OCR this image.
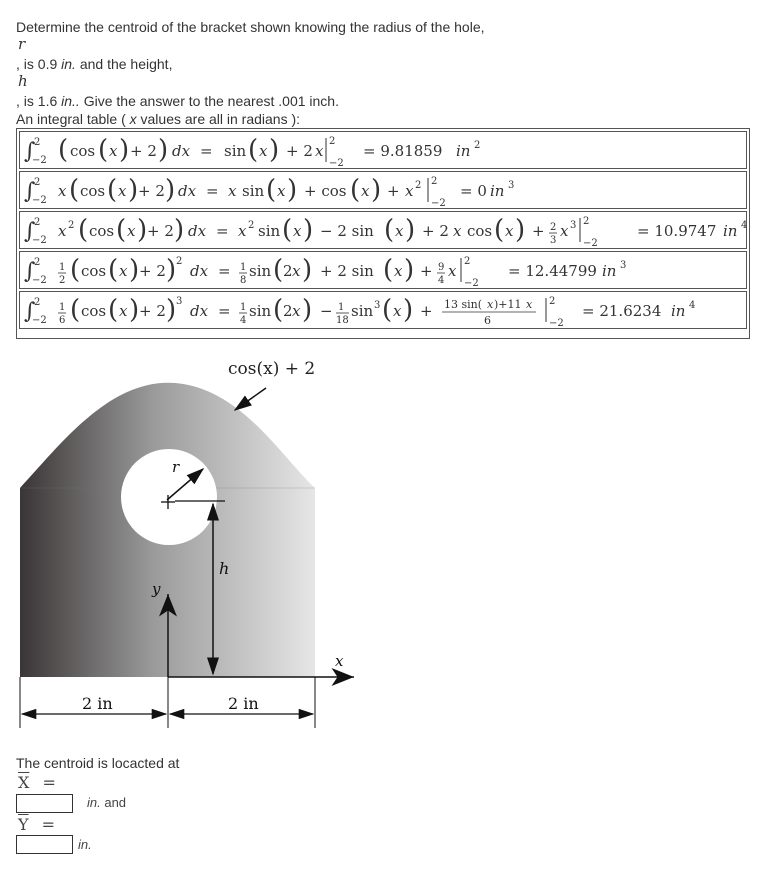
Determine the centroid of the bracket shown knowing the radius of the hole,
r
, is 0.9 in. and the height,
h
, is 1.6 in.. Give the answer to the nearest .001 inch.
An integral table ( x values are all in radians ):
∫
2
−2 ( cos ( x ) + 2 ) dx = sin ( x ) + 2 x
2
−2
= 9.81859 in 2
∫
2
−2
x ( cos ( x ) + 2 ) dx = x sin ( x ) + cos ( x ) + x 2 2
−2
= 0 in 3
∫
2
−2
x 2 ( cos ( x ) + 2 ) dx = x 2 sin ( x ) − 2 sin ( x ) + 2 x cos ( x ) + 2
3
x 3 2
−2
= 10.9747 in 4
∫
2
−2
1
2 ( cos ( x ) + 2 ) 2
dx = 1
8
sin ( 2 x ) + 2 sin ( x ) + 9
4
x
2
−2
= 12.44799 in 3
∫
2
−2
1
6 ( cos ( x ) + 2 ) 3
dx = 1
4
sin ( 2 x ) − 1
18
sin 3 ( x ) + 13 sin( x )+11 x
6
2
−2
= 21.6234 in 4
cos(x) + 2
r
h
y
x
2 in	2 in
The centroid is locacted at
$\overline{X}$ =
in. and
$\overline{Y}$ =
in.
